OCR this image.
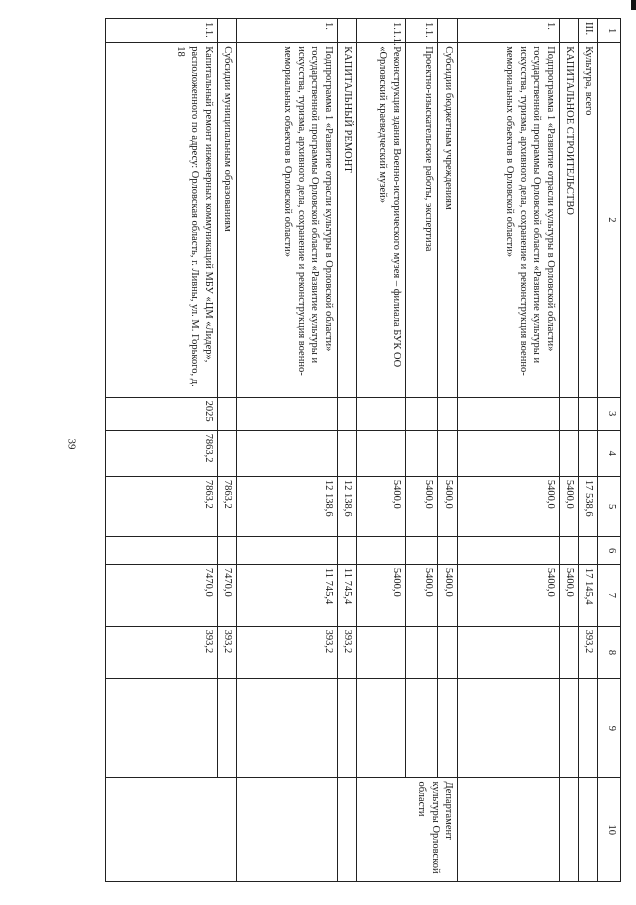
39
1	2	3	4	5	6	7	8	9	10
III.	Культура, всего			17 538,6		17 145,4	393,2		
	КАПИТАЛЬНОЕ СТРОИТЕЛЬСТВО			5400,0		5400,0			
1.	Подпрограмма 1 «Развитие отрасли культуры в Орловской области» государственной программы Орловской области «Развитие культуры и искусства, туризма, архивного дела, сохранение и реконструкция военно-мемориальных объектов в Орловской области»			5400,0		5400,0			
	Субсидии бюджетным учреждениям			5400,0		5400,0			Департамент культуры Орловской области
1.1.	Проектно-изыскательские работы, экспертиза			5400,0		5400,0			
1.1.1.	Реконструкция здания Военно-исторического музея – филиала БУК ОО «Орловский краеведческий музей»			5400,0		5400,0			
	КАПИТАЛЬНЫЙ РЕМОНТ			12 138,6		11 745,4	393,2		
1.	Подпрограмма 1 «Развитие отрасли культуры в Орловской области» государственной программы Орловской области «Развитие культуры и искусства, туризма, архивного дела, сохранение и реконструкция военно-мемориальных объектов в Орловской области»			12 138,6		11 745,4	393,2		
	Субсидии муниципальным образованиям			7863,2		7470,0	393,2		
1.1.	Капитальный ремонт инженерных коммуникаций МБУ «ЦМ «Лидер», расположенного по адресу: Орловская область, г. Ливны, ул. М. Горького, д. 18	2025	7863,2	7863,2		7470,0	393,2		
